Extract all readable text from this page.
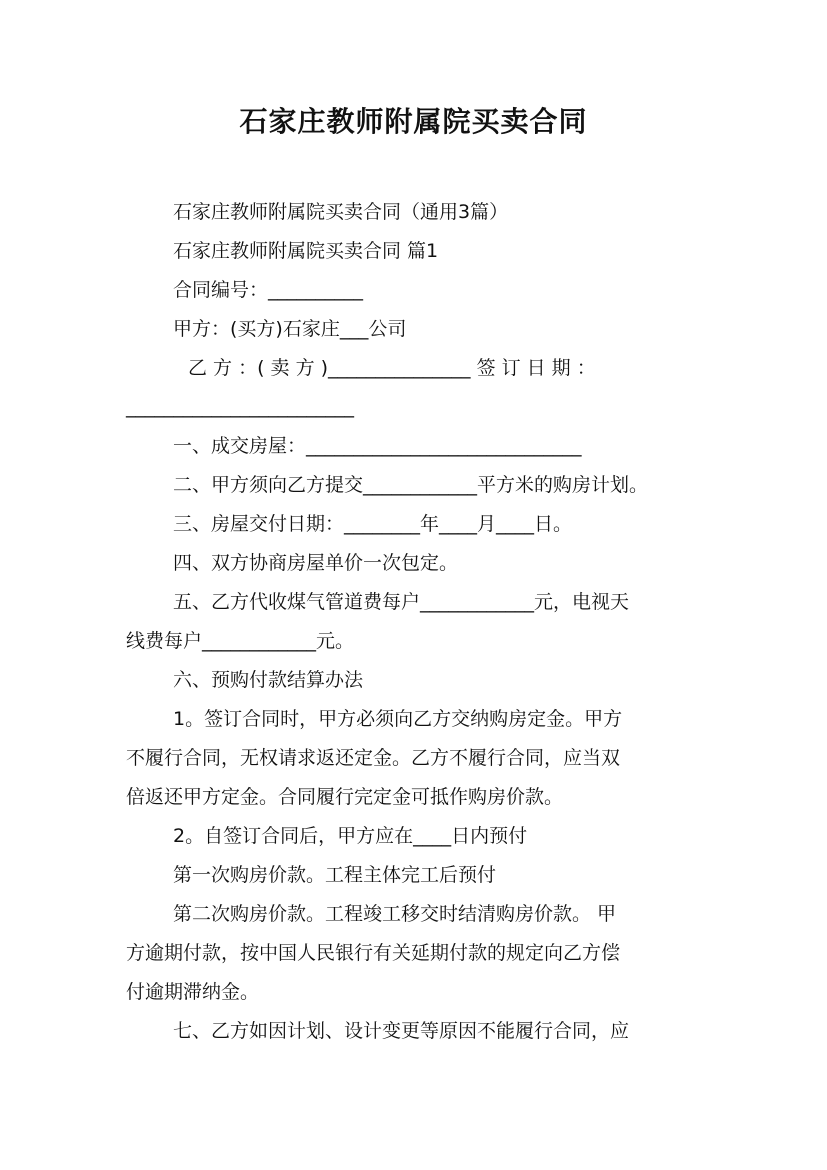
石家庄教师附属院买卖合同
石家庄教师附属院买卖合同（通用3篇）
石家庄教师附属院买卖合同 篇1
合同编号：__________
甲方：(买方)石家庄___公司
乙 方 ：( 卖 方 )_______________ 签 订 日 期 ：
________________________
一、成交房屋：_____________________________
二、甲方须向乙方提交____________平方米的购房计划。
三、房屋交付日期：________年____月____日。
四、双方协商房屋单价一次包定。
五、乙方代收煤气管道费每户____________元，电视天
线费每户____________元。
六、预购付款结算办法
1。签订合同时，甲方必须向乙方交纳购房定金。甲方
不履行合同，无权请求返还定金。乙方不履行合同，应当双
倍返还甲方定金。合同履行完定金可抵作购房价款。
2。自签订合同后，甲方应在____日内预付
第一次购房价款。工程主体完工后预付
第二次购房价款。工程竣工移交时结清购房价款。 甲
方逾期付款，按中国人民银行有关延期付款的规定向乙方偿
付逾期滞纳金。
七、乙方如因计划、设计变更等原因不能履行合同，应
